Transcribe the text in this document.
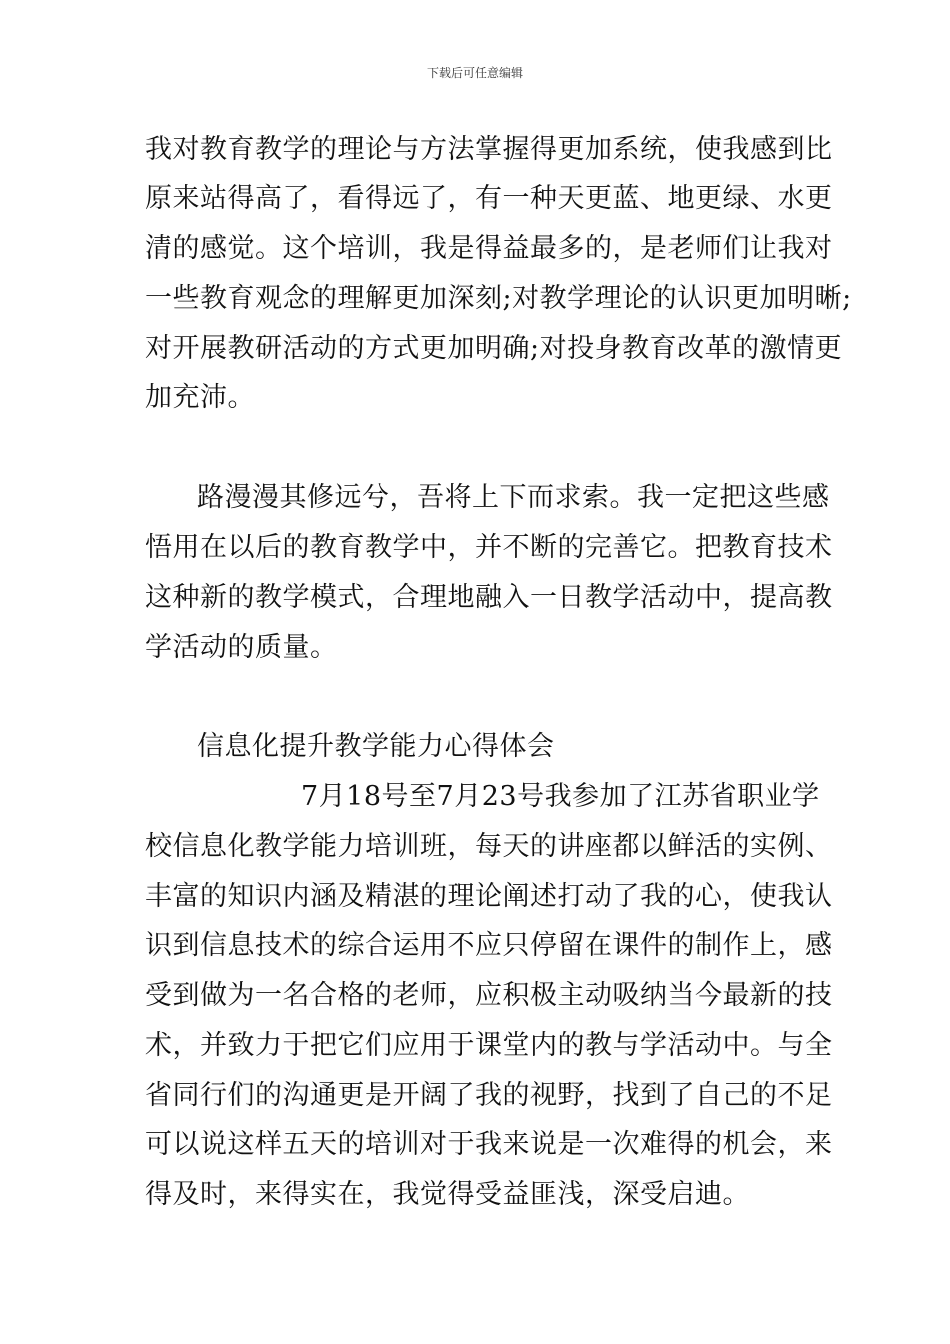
下载后可任意编辑
我对教育教学的理论与方法掌握得更加系统，使我感到比
原来站得高了，看得远了，有一种天更蓝、地更绿、水更
清的感觉。这个培训，我是得益最多的，是老师们让我对
一些教育观念的理解更加深刻;对教学理论的认识更加明晰;
对开展教研活动的方式更加明确;对投身教育改革的激情更
加充沛。
路漫漫其修远兮，吾将上下而求索。我一定把这些感
悟用在以后的教育教学中，并不断的完善它。把教育技术
这种新的教学模式，合理地融入一日教学活动中，提高教
学活动的质量。
信息化提升教学能力心得体会
7月18号至7月23号我参加了江苏省职业学
校信息化教学能力培训班，每天的讲座都以鲜活的实例、
丰富的知识内涵及精湛的理论阐述打动了我的心，使我认
识到信息技术的综合运用不应只停留在课件的制作上，感
受到做为一名合格的老师，应积极主动吸纳当今最新的技
术，并致力于把它们应用于课堂内的教与学活动中。与全
省同行们的沟通更是开阔了我的视野，找到了自己的不足
可以说这样五天的培训对于我来说是一次难得的机会，来
得及时，来得实在，我觉得受益匪浅，深受启迪。
